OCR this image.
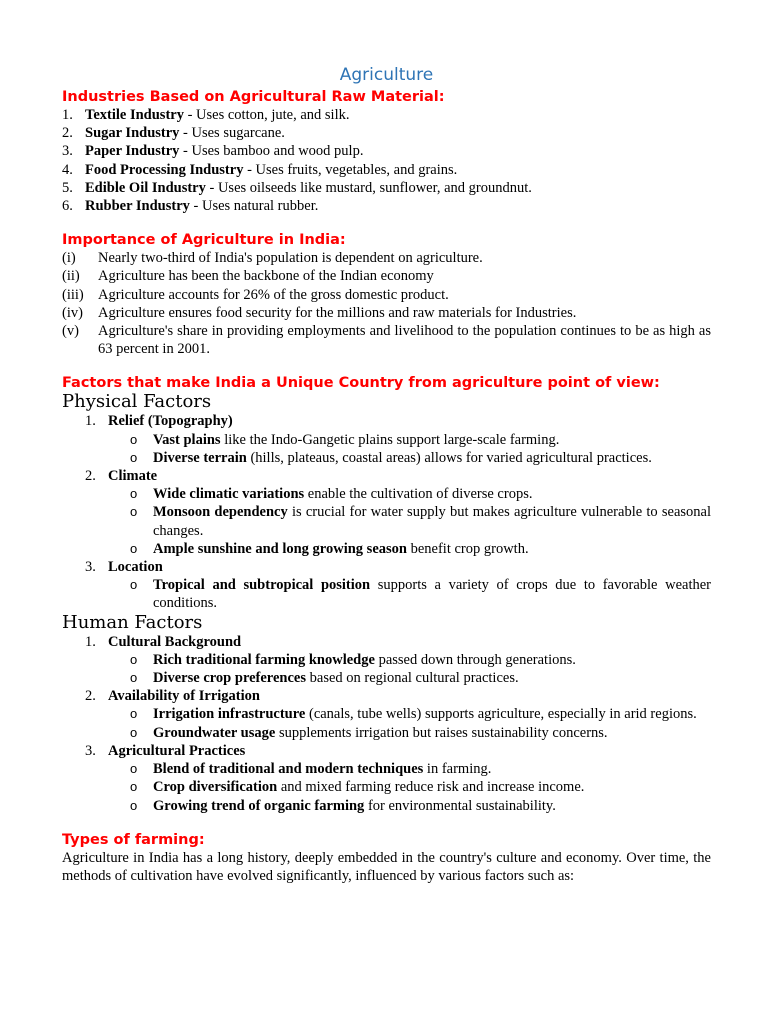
Agriculture
Industries Based on Agricultural Raw Material:
1. Textile Industry - Uses cotton, jute, and silk.
2. Sugar Industry - Uses sugarcane.
3. Paper Industry - Uses bamboo and wood pulp.
4. Food Processing Industry - Uses fruits, vegetables, and grains.
5. Edible Oil Industry - Uses oilseeds like mustard, sunflower, and groundnut.
6. Rubber Industry - Uses natural rubber.
Importance of Agriculture in India:
(i)	Nearly two-third of India's population is dependent on agriculture.
(ii)	Agriculture has been the backbone of the Indian economy
(iii) Agriculture accounts for 26% of the gross domestic product.
(iv)	Agriculture ensures food security for the millions and raw materials for Industries.
(v)	Agriculture's share in providing employments and livelihood to the population continues to be as high as 63 percent in 2001.
Factors that make India a Unique Country from agriculture point of view:
Physical Factors
1. Relief (Topography)
o	Vast plains like the Indo-Gangetic plains support large-scale farming.
o	Diverse terrain (hills, plateaus, coastal areas) allows for varied agricultural practices.
2. Climate
o	Wide climatic variations enable the cultivation of diverse crops.
o	Monsoon dependency is crucial for water supply but makes agriculture vulnerable to seasonal changes.
o	Ample sunshine and long growing season benefit crop growth.
3. Location
o	Tropical and subtropical position supports a variety of crops due to favorable weather conditions.
Human Factors
1. Cultural Background
o	Rich traditional farming knowledge passed down through generations.
o	Diverse crop preferences based on regional cultural practices.
2. Availability of Irrigation
o	Irrigation infrastructure (canals, tube wells) supports agriculture, especially in arid regions.
o	Groundwater usage supplements irrigation but raises sustainability concerns.
3. Agricultural Practices
o	Blend of traditional and modern techniques in farming.
o	Crop diversification and mixed farming reduce risk and increase income.
o	Growing trend of organic farming for environmental sustainability.
Types of farming:
Agriculture in India has a long history, deeply embedded in the country's culture and economy. Over time, the methods of cultivation have evolved significantly, influenced by various factors such as:
